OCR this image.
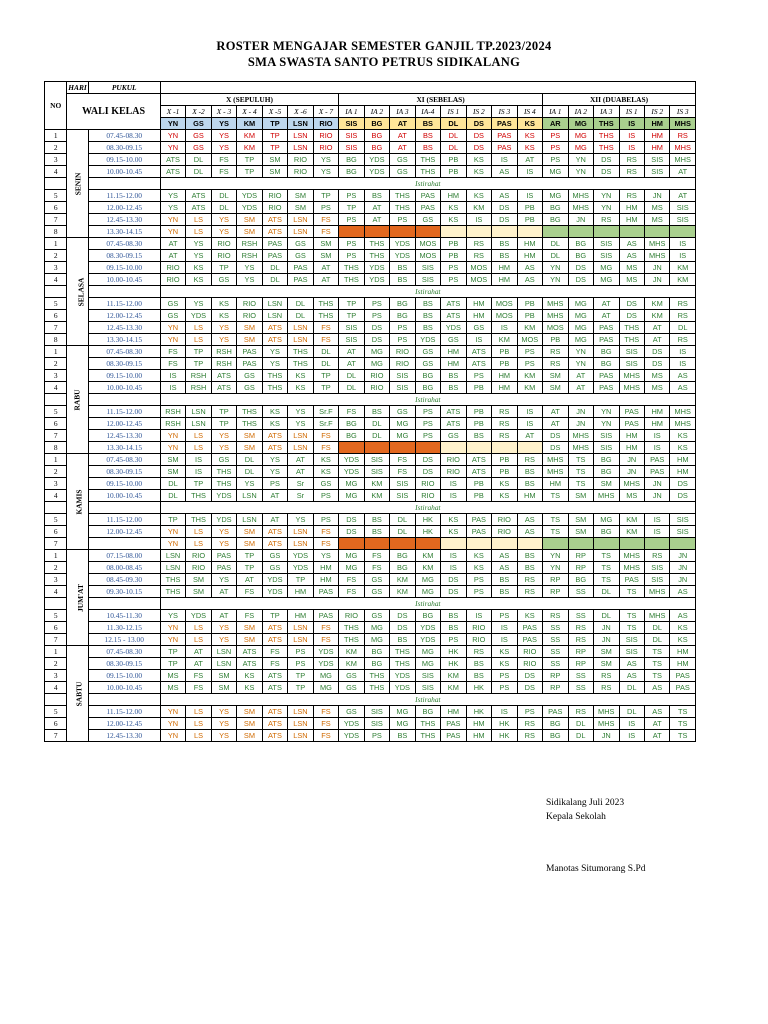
ROSTER MENGAJAR SEMESTER GANJIL TP.2023/2024
SMA SWASTA SANTO PETRUS SIDIKALANG
NO	HARI	PUKUL																					
	WALI KELAS		X (SEPULUH)							XI (SEBELAS)								XII (DUABELAS)					
			X -1	X -2	X - 3	X - 4	X -5	X -6	X - 7	IA 1	IA 2	IA 3	IA-4	IS 1	IS 2	IS 3	IS 4	IA 1	IA 2	IA 3	IS 1	IS 2	IS 3
			YN	GS	YS	KM	TP	LSN	RIO	SIS	BG	AT	BS	DL	DS	PAS	KS	AR	MG	THS	IS	HM	MHS
1	SENIN	07.45-08.30	YN	GS	YS	KM	TP	LSN	RIO	SIS	BG	AT	BS	DL	DS	PAS	KS	PS	MG	THS	IS	HM	RS
2		08.30-09.15	YN	GS	YS	KM	TP	LSN	RIO	SIS	BG	AT	BS	DL	DS	PAS	KS	PS	MG	THS	IS	HM	MHS
3		09.15-10.00	ATS	DL	FS	TP	SM	RIO	YS	BG	YDS	GS	THS	PB	KS	IS	AT	PS	YN	DS	RS	SIS	MHS
4		10.00-10.45	ATS	DL	FS	TP	SM	RIO	YS	BG	YDS	GS	THS	PB	KS	AS	IS	MG	YN	DS	RS	SIS	AT
			Istirahat																				
5		11.15-12.00	YS	ATS	DL	YDS	RIO	SM	TP	PS	BS	THS	PAS	HM	KS	AS	IS	MG	MHS	YN	RS	JN	AT
6		12.00-12.45	YS	ATS	DL	YDS	RIO	SM	PS	TP	AT	THS	PAS	KS	KM	DS	PB	BG	MHS	YN	HM	MS	SIS
7		12.45-13.30	YN	LS	YS	SM	ATS	LSN	FS	PS	AT	PS	GS	KS	IS	DS	PB	BG	JN	RS	HM	MS	SIS
8		13.30-14.15	YN	LS	YS	SM	ATS	LSN	FS														
1	SELASA	07.45-08.30	AT	YS	RIO	RSH	PAS	GS	SM	PS	THS	YDS	MOS	PB	RS	BS	HM	DL	BG	SIS	AS	MHS	IS
2		08.30-09.15	AT	YS	RIO	RSH	PAS	GS	SM	PS	THS	YDS	MOS	PB	RS	BS	HM	DL	BG	SIS	AS	MHS	IS
3		09.15-10.00	RIO	KS	TP	YS	DL	PAS	AT	THS	YDS	BS	SIS	PS	MOS	HM	AS	YN	DS	MG	MS	JN	KM
4		10.00-10.45	RIO	KS	GS	YS	DL	PAS	AT	THS	YDS	BS	SIS	PS	MOS	HM	AS	YN	DS	MG	MS	JN	KM
			Istirahat																				
5		11.15-12.00	GS	YS	KS	RIO	LSN	DL	THS	TP	PS	BG	BS	ATS	HM	MOS	PB	MHS	MG	AT	DS	KM	RS
6		12.00-12.45	GS	YDS	KS	RIO	LSN	DL	THS	TP	PS	BG	BS	ATS	HM	MOS	PB	MHS	MG	AT	DS	KM	RS
7		12.45-13.30	YN	LS	YS	SM	ATS	LSN	FS	SIS	DS	PS	BS	YDS	GS	IS	KM	MOS	MG	PAS	THS	AT	DL
8		13.30-14.15	YN	LS	YS	SM	ATS	LSN	FS	SIS	DS	PS	YDS	GS	IS	KM	MOS	PB	MG	PAS	THS	AT	RS
1	RABU	07.45-08.30	FS	TP	RSH	PAS	YS	THS	DL	AT	MG	RIO	GS	HM	ATS	PB	PS	RS	YN	BG	SIS	DS	IS
2		08.30-09.15	FS	TP	RSH	PAS	YS	THS	DL	AT	MG	RIO	GS	HM	ATS	PB	PS	RS	YN	BG	SIS	DS	IS
3		09.15-10.00	IS	RSH	ATS	GS	THS	KS	TP	DL	RIO	SIS	BG	BS	PS	HM	KM	SM	AT	PAS	MHS	MS	AS
4		10.00-10.45	IS	RSH	ATS	GS	THS	KS	TP	DL	RIO	SIS	BG	BS	PB	HM	KM	SM	AT	PAS	MHS	MS	AS
			Istirahat																				
5		11.15-12.00	RSH	LSN	TP	THS	KS	YS	Sr.F	FS	BS	GS	PS	ATS	PB	RS	IS	AT	JN	YN	PAS	HM	MHS
6		12.00-12.45	RSH	LSN	TP	THS	KS	YS	Sr.F	BG	DL	MG	PS	ATS	PB	RS	IS	AT	JN	YN	PAS	HM	MHS
7		12.45-13.30	YN	LS	YS	SM	ATS	LSN	FS	BG	DL	MG	PS	GS	BS	RS	AT	DS	MHS	SIS	HM	IS	KS
8		13.30-14.15	YN	LS	YS	SM	ATS	LSN	FS									DS	MHS	SIS	HM	IS	KS
1	KAMIS	07.45-08.30	SM	IS	GS	DL	YS	AT	KS	YDS	SIS	FS	DS	RIO	ATS	PB	RS	MHS	TS	BG	JN	PAS	HM
2		08.30-09.15	SM	IS	THS	DL	YS	AT	KS	YDS	SIS	FS	DS	RIO	ATS	PB	BS	MHS	TS	BG	JN	PAS	HM
3		09.15-10.00	DL	TP	THS	YS	PS	Sr	GS	MG	KM	SIS	RIO	IS	PB	KS	BS	HM	TS	SM	MHS	JN	DS
4		10.00-10.45	DL	THS	YDS	LSN	AT	Sr	PS	MG	KM	SIS	RIO	IS	PB	KS	HM	TS	SM	MHS	MS	JN	DS
			Istirahat																				
5		11.15-12.00	TP	THS	YDS	LSN	AT	YS	PS	DS	BS	DL	HK	KS	PAS	RIO	AS	TS	SM	MG	KM	IS	SIS
6		12.00-12.45	YN	LS	YS	SM	ATS	LSN	FS	DS	BS	DL	HK	KS	PAS	RIO	AS	TS	SM	BG	KM	IS	SIS
7			YN	LS	YS	SM	ATS	LSN	FS														
1	JUM'AT	07.15-08.00	LSN	RIO	PAS	TP	GS	YDS	YS	MG	FS	BG	KM	IS	KS	AS	BS	YN	RP	TS	MHS	RS	JN
2		08.00-08.45	LSN	RIO	PAS	TP	GS	YDS	HM	MG	FS	BG	KM	IS	KS	AS	BS	YN	RP	TS	MHS	SIS	JN
3		08.45-09.30	THS	SM	YS	AT	YDS	TP	HM	FS	GS	KM	MG	DS	PS	BS	RS	RP	BG	TS	PAS	SIS	JN
4		09.30-10.15	THS	SM	AT	FS	YDS	HM	PAS	FS	GS	KM	MG	DS	PS	BS	RS	RP	SS	DL	TS	MHS	AS
			Istirahat																				
5		10.45-11.30	YS	YDS	AT	FS	TP	HM	PAS	RIO	GS	DS	BG	BS	IS	PS	KS	RS	SS	DL	TS	MHS	AS
6		11.30-12.15	YN	LS	YS	SM	ATS	LSN	FS	THS	MG	DS	YDS	BS	RIO	IS	PAS	SS	RS	JN	TS	DL	KS
7		12.15 - 13.00	YN	LS	YS	SM	ATS	LSN	FS	THS	MG	BS	YDS	PS	RIO	IS	PAS	SS	RS	JN	SIS	DL	KS
1	SABTU	07.45-08.30	TP	AT	LSN	ATS	FS	PS	YDS	KM	BG	THS	MG	HK	RS	KS	RIO	SS	RP	SM	SIS	TS	HM
2		08.30-09.15	TP	AT	LSN	ATS	FS	PS	YDS	KM	BG	THS	MG	HK	BS	KS	RIO	SS	RP	SM	AS	TS	HM
3		09.15-10.00	MS	FS	SM	KS	ATS	TP	MG	GS	THS	YDS	SIS	KM	BS	PS	DS	RP	SS	RS	AS	TS	PAS
4		10.00-10.45	MS	FS	SM	KS	ATS	TP	MG	GS	THS	YDS	SIS	KM	HK	PS	DS	RP	SS	RS	DL	AS	PAS
			Istirahat																				
5		11.15-12.00	YN	LS	YS	SM	ATS	LSN	FS	GS	SIS	MG	BG	HM	HK	IS	PS	PAS	RS	MHS	DL	AS	TS
6		12.00-12.45	YN	LS	YS	SM	ATS	LSN	FS	YDS	SIS	MG	THS	PAS	HM	HK	RS	BG	DL	MHS	IS	AT	TS
7		12.45-13.30	YN	LS	YS	SM	ATS	LSN	FS	YDS	PS	BS	THS	PAS	HM	HK	RS	BG	DL	JN	IS	AT	TS
Sidikalang Juli 2023
Kepala Sekolah
Manotas Situmorang S.Pd
